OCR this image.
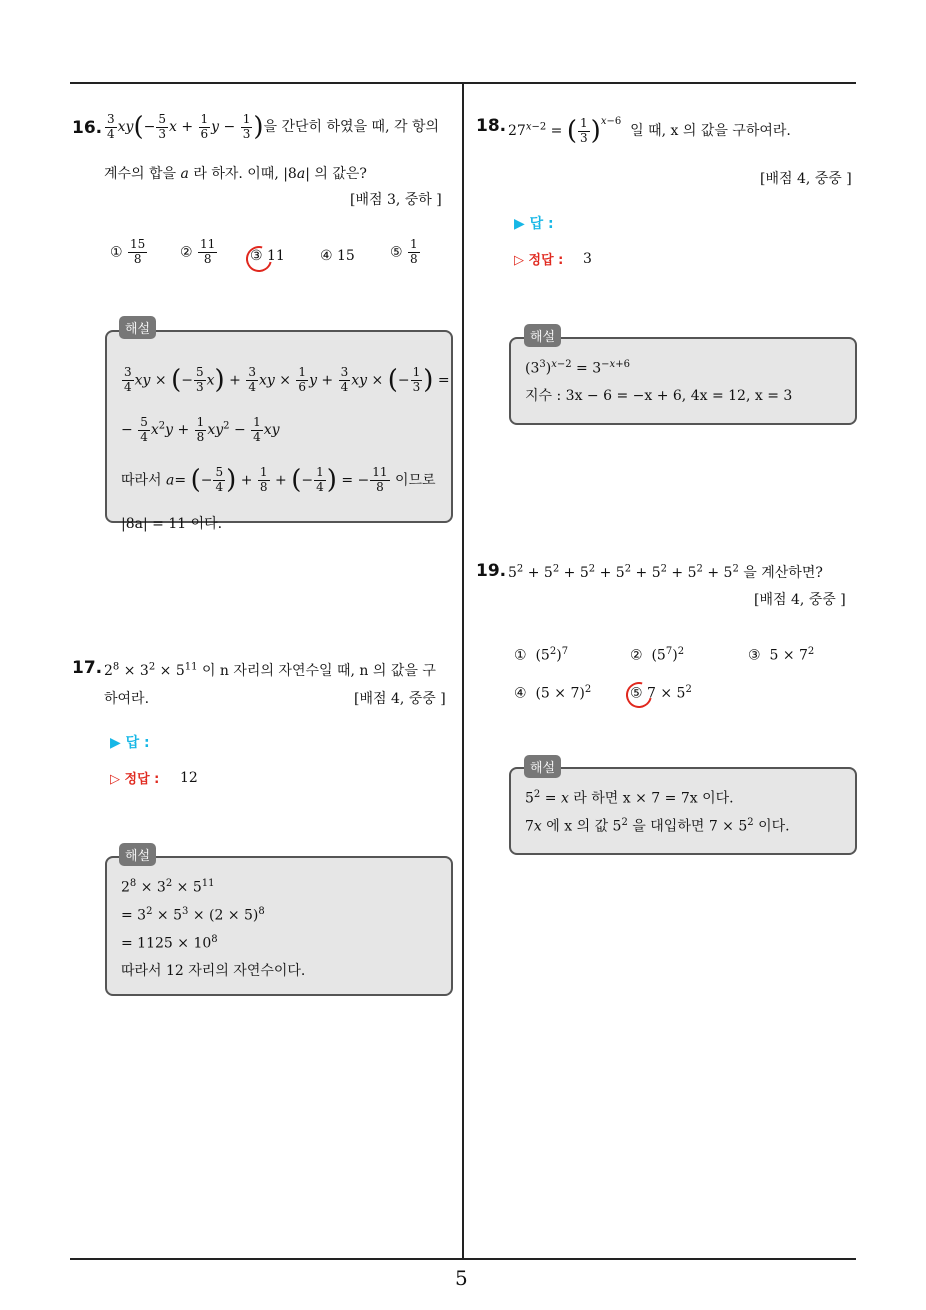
5
16. $\frac{3}{4} xy(- \frac{5}{3}$ $x + \frac{1}{6}$ $y - \frac{1}{3}$ )을 간단히 하였을 때, 각 항의
계수의 합을 a 라 하자. 이때, |8a| 의 값은?
[배점 3, 중하 ]
① $\frac{15}{8}$ ② $\frac{11}{8}$ ③ 11	④ 15	⑤ $\frac{1}{8}$
$\frac{3}{4}$ xy × (− $\frac{5}{3} x) + \frac{3}{4}$ xy × $\frac{1}{6}$ $y + \frac{3}{4}$ xy × (− $\frac{1}{3}$ ) =
− $\frac{5}{4} x^2y + \frac{1}{8} xy^2 - \frac{1}{4}$ xy
따라서 a= (− $\frac{5}{4}$ ) + $\frac{1}{8}$ + (− $\frac{1}{4}$ ) = − $\frac{11}{8}$ 이므로
|8a| = 11 이다.
해설
17. $2^8 \times 3^2 \times 5^{11}$ 이 n 자리의 자연수일 때, n 의 값을 구
하여라.	[배점 4, 중중 ]
▶ 답 :
▷ 정답 : 12
$2^8 \times 3^2 \times 5^{11}$
= $3^2 \times 5^3 \times (2 \times 5)^8$
= $1125 \times 10^8$
따라서 12 자리의 자연수이다.
해설
18. $27^{x-2}$ = ( $\frac{1}{3} )^{x-6}$  일 때, x 의 값을 구하여라.
[배점 4, 중중 ]
▶ 답 :
▷ 정답 : 3
$(3^3)^{x-2} = 3^{-x+6}$
지수 : 3x − 6 = −x + 6, 4x = 12, x = 3
해설
19. $5^2 + 5^2 + 5^2 + 5^2 + 5^2 + 5^2 + 5^2$ 을 계산하면?
[배점 4, 중중 ]
①  $(5^2)^7$	②  $(5^7)^2$	③  $5 \times 7^2$
④  $(5 \times 7)^2$	⑤ $7 \times 5^2$
$5^2 = x$ 라 하면 x × 7 = 7x 이다.
7x 에 x 의 값 $5^2$ 을 대입하면 $7 \times 5^2$ 이다.
해설
